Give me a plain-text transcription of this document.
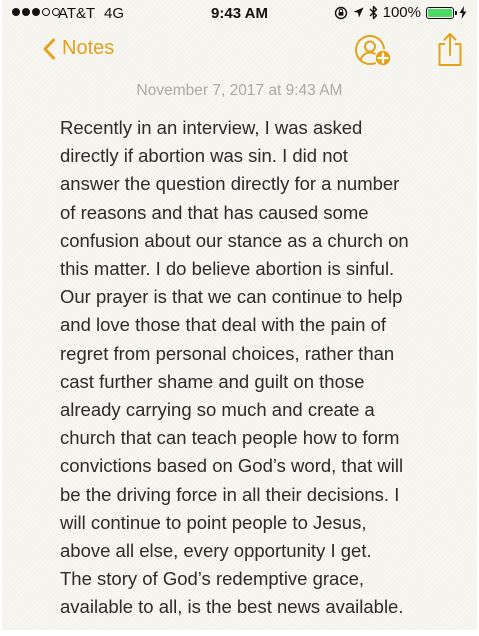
AT&T 4G	9:43 AM	100%
Notes
November 7, 2017 at 9:43 AM
Recently in an interview, I was asked
directly if abortion was sin. I did not
answer the question directly for a number
of reasons and that has caused some
confusion about our stance as a church on
this matter. I do believe abortion is sinful.
Our prayer is that we can continue to help
and love those that deal with the pain of
regret from personal choices, rather than
cast further shame and guilt on those
already carrying so much and create a
church that can teach people how to form
convictions based on God’s word, that will
be the driving force in all their decisions. I
will continue to point people to Jesus,
above all else, every opportunity I get.
The story of God’s redemptive grace,
available to all, is the best news available.
